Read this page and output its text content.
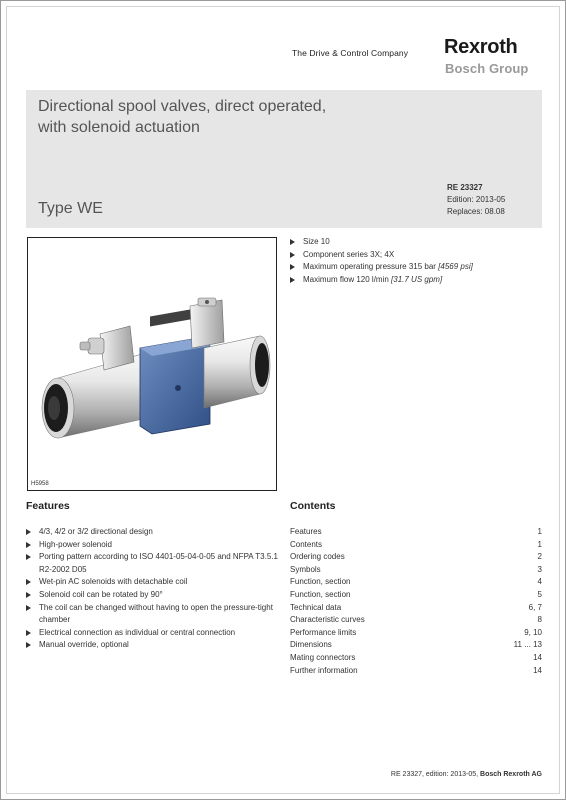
The Drive & Control Company Rexroth
Bosch Group
Directional spool valves, direct operated,
with solenoid actuation
Type WE
RE 23327
Edition: 2013-05
Replaces: 08.08
H5958
Size 10
Component series 3X; 4X
Maximum operating pressure 315 bar [4569 psi]
Maximum flow 120 l/min [31.7 US gpm]
Features
4/3, 4/2 or 3/2 directional design
High-power solenoid
Porting pattern according to ISO 4401-05-04-0-05 and NFPA T3.5.1 R2-2002 D05
Wet-pin AC solenoids with detachable coil
Solenoid coil can be rotated by 90°
The coil can be changed without having to open the pressure-tight chamber
Electrical connection as individual or central connection
Manual override, optional
Contents
Features	1
Contents	1
Ordering codes	2
Symbols	3
Function, section	4
Function, section	5
Technical data	6, 7
Characteristic curves	8
Performance limits	9, 10
Dimensions	11 ... 13
Mating connectors	14
Further information	14
RE 23327, edition: 2013-05, Bosch Rexroth AG
